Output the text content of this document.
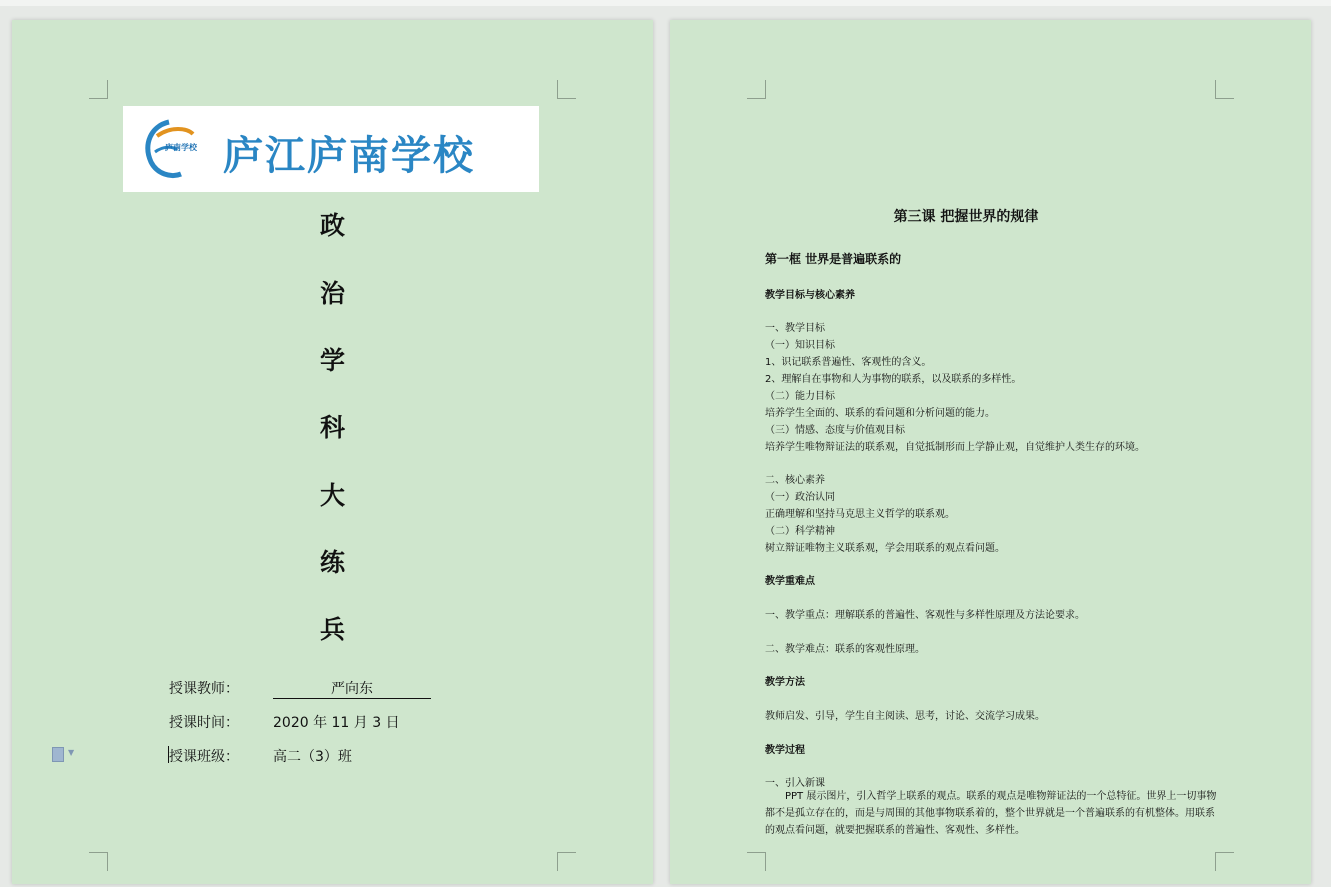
庐南学校 庐江庐南学校
政
治
学
科
大
练
兵
授课教师：	严向东
授课时间： 2020 年 11 月 3 日
授课班级： 高二（3）班
▼
第三课 把握世界的规律
第一框 世界是普遍联系的
教学目标与核心素养
一、教学目标
（一）知识目标
1、识记联系普遍性、客观性的含义。
2、理解自在事物和人为事物的联系，以及联系的多样性。
（二）能力目标
培养学生全面的、联系的看问题和分析问题的能力。
（三）情感、态度与价值观目标
培养学生唯物辩证法的联系观，自觉抵制形而上学静止观，自觉维护人类生存的环境。
二、核心素养
（一）政治认同
正确理解和坚持马克思主义哲学的联系观。
（二）科学精神
树立辩证唯物主义联系观，学会用联系的观点看问题。
教学重难点
一、教学重点：理解联系的普遍性、客观性与多样性原理及方法论要求。
二、教学难点：联系的客观性原理。
教学方法
教师启发、引导，学生自主阅读、思考，讨论、交流学习成果。
教学过程
一、引入新课
PPT 展示图片，引入哲学上联系的观点。联系的观点是唯物辩证法的一个总特征。世界上一切事物都不是孤立存在的，而是与周围的其他事物联系着的，整个世界就是一个普遍联系的有机整体。用联系的观点看问题，就要把握联系的普遍性、客观性、多样性。
